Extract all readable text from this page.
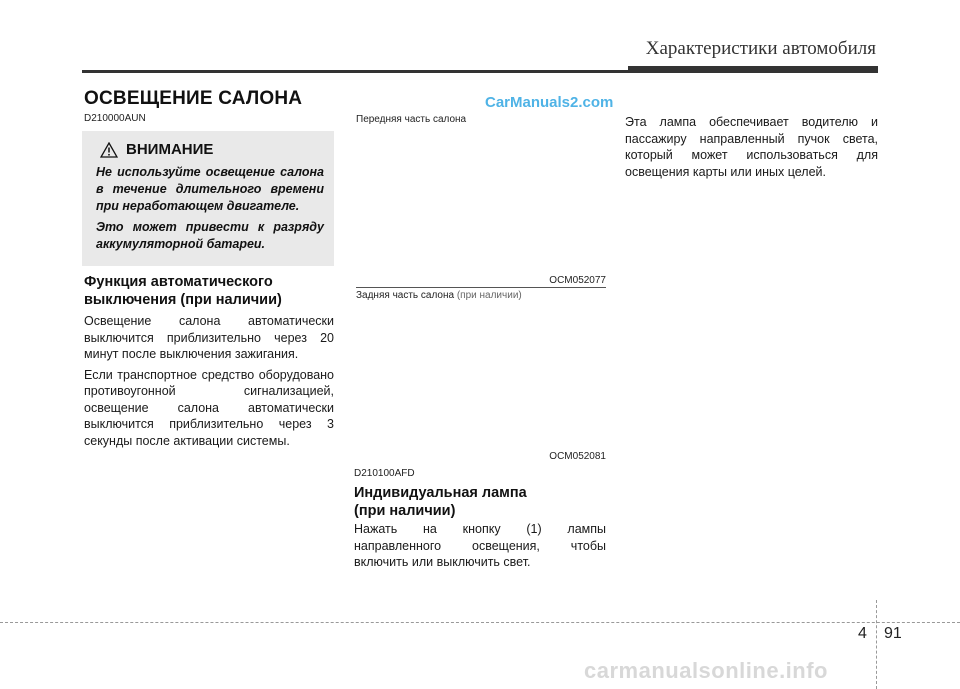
Характеристики автомобиля
ОСВЕЩЕНИЕ САЛОНА	CarManuals2.com
D210000AUN
ВНИМАНИЕ

Не используйте освещение салона в течение длительного времени при неработающем двигателе.

Это может привести к разряду аккумуляторной батареи.

Функция автоматического
выключения (при наличии)

Освещение салона автоматически выключится приблизительно через 20 минут после выключения зажигания.

Если транспортное средство оборудовано противоугонной сигнализацией, освещение салона автоматически выключится приблизительно через 3 секунды после активации системы.

Передняя часть салона
OCM052077
Задняя часть салона (при наличии)
OCM052081
D210100AFD
Индивидуальная лампа
(при наличии)
Нажать на кнопку (1) лампы направленного освещения, чтобы включить или выключить свет.
Эта лампа обеспечивает водителю и пассажиру направленный пучок света, который может использоваться для освещения карты или иных целей.
4 91
carmanualsonline.info
